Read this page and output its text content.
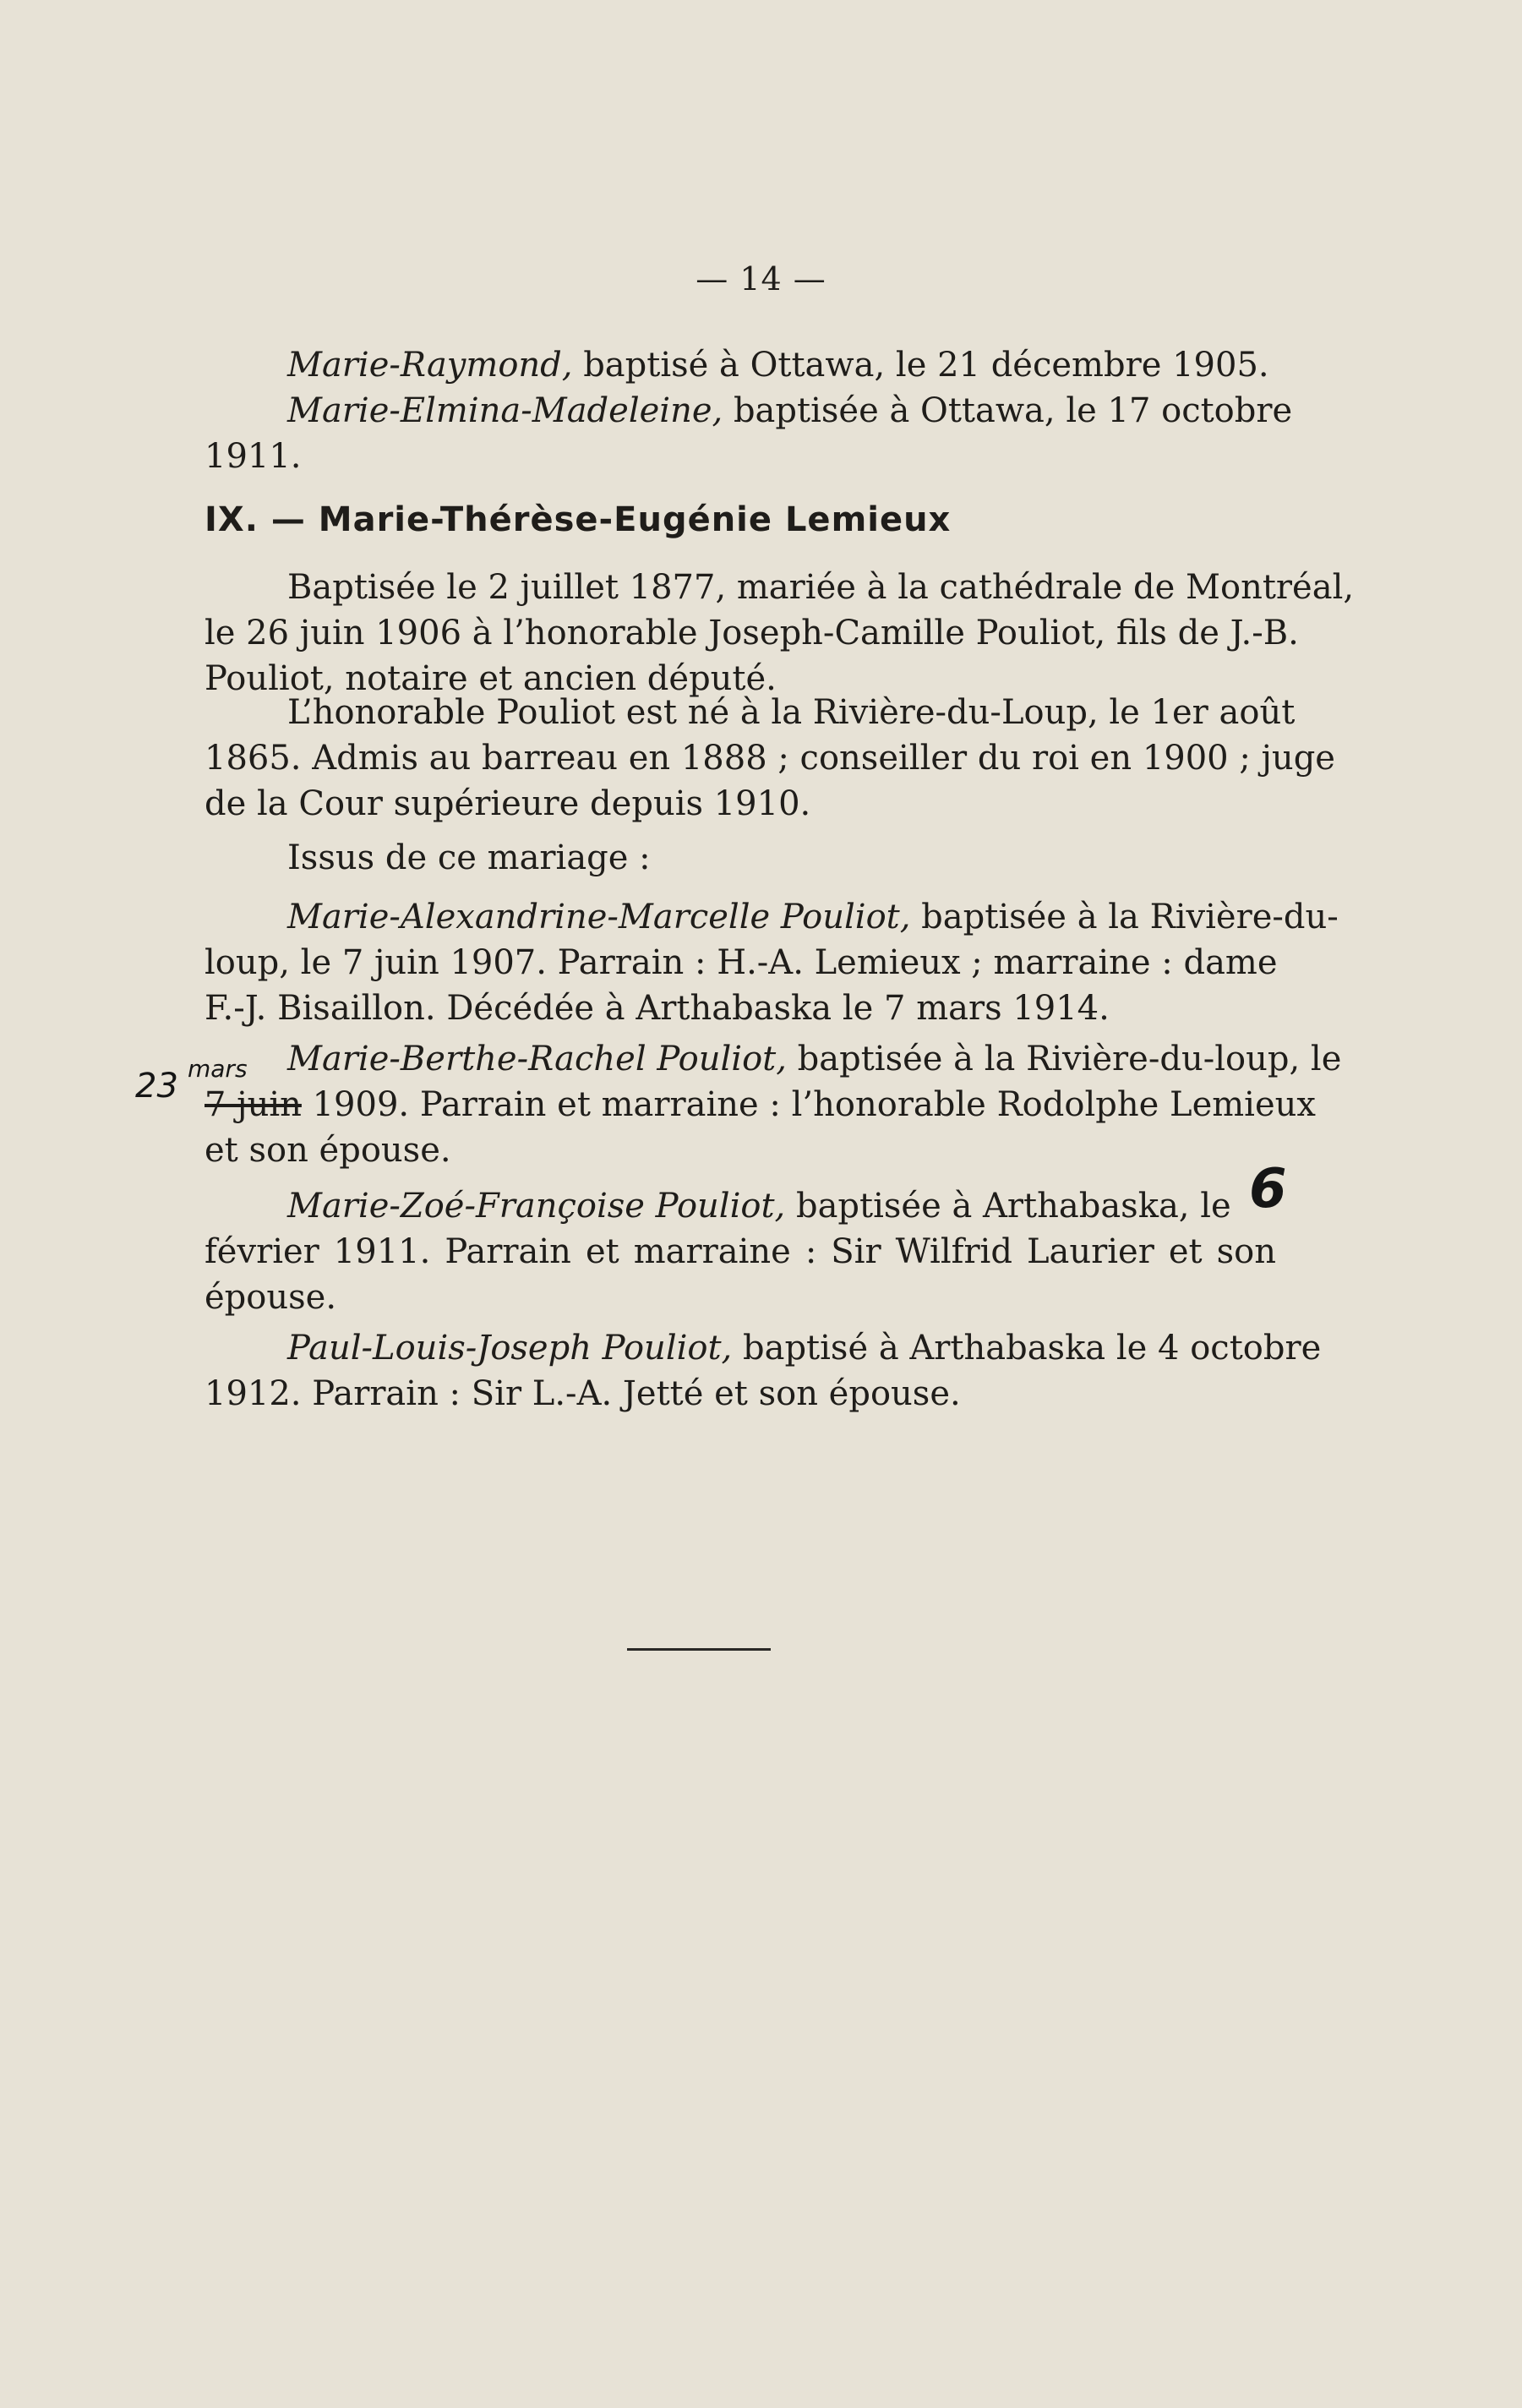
— 14 —

Marie-Raymond, baptisé à Ottawa, le 21 décembre 1905.
Marie-Elmina-Madeleine, baptisée à Ottawa, le 17 octobre
1911.
IX. — Marie-Thérèse-Eugénie Lemieux
Baptisée le 2 juillet 1877, mariée à la cathédrale de Montréal,
le 26 juin 1906 à l’honorable Joseph-Camille Pouliot, fils de J.-B.
Pouliot, notaire et ancien député.
L’honorable Pouliot est né à la Rivière-du-Loup, le 1er août
1865. Admis au barreau en 1888 ; conseiller du roi en 1900 ; juge
de la Cour supérieure depuis 1910.
Issus de ce mariage :
Marie-Alexandrine-Marcelle Pouliot, baptisée à la Rivière-du-
loup, le 7 juin 1907. Parrain : H.-A. Lemieux ; marraine : dame
F.-J. Bisaillon. Décédée à Arthabaska le 7 mars 1914.
Marie-Berthe-Rachel Pouliot, baptisée à la Rivière-du-loup, le
7 juin 1909. Parrain et marraine : l’honorable Rodolphe Lemieux
et son épouse.
23 mars
Marie-Zoé-Françoise Pouliot, baptisée à Arthabaska, le
février 1911. Parrain et marraine : Sir Wilfrid Laurier et son
épouse.
6
Paul-Louis-Joseph Pouliot, baptisé à Arthabaska le 4 octobre
1912. Parrain : Sir L.-A. Jetté et son épouse.
